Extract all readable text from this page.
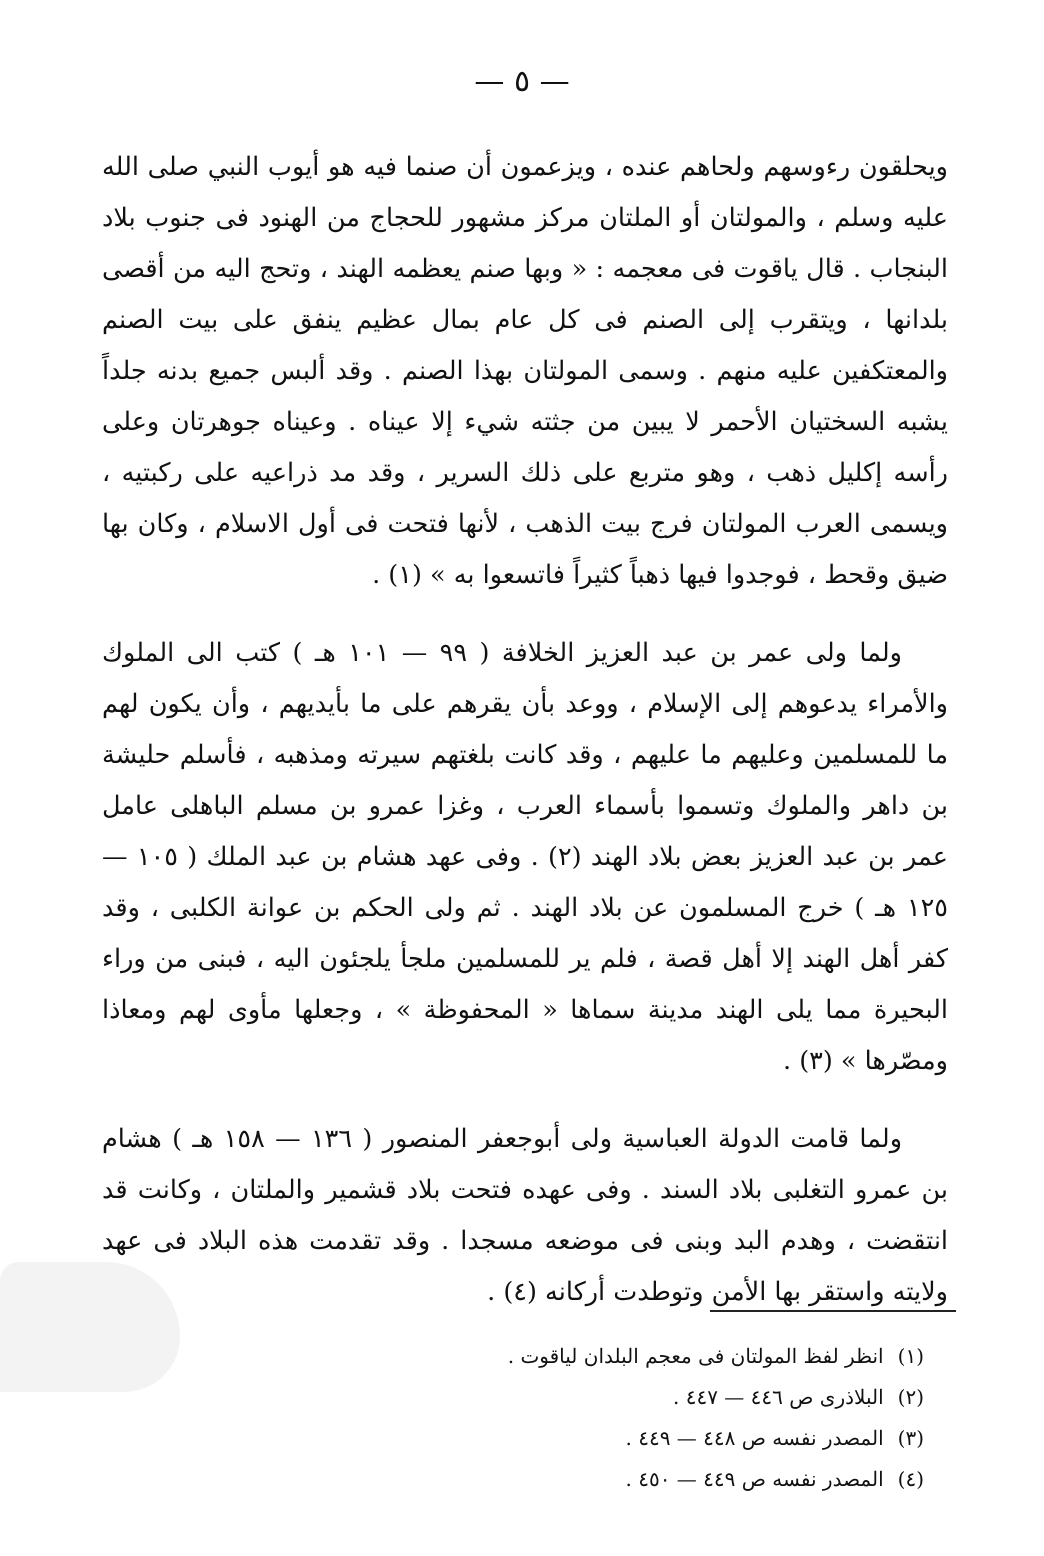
— ٥ —

ويحلقون رءوسهم ولحاهم عنده ، ويزعمون أن صنما فيه هو أيوب النبي صلى الله عليه وسلم ، والمولتان أو الملتان مركز مشهور للحجاج من الهنود فى جنوب بلاد البنجاب . قال ياقوت فى معجمه : « وبها صنم يعظمه الهند ، وتحج اليه من أقصى بلدانها ، ويتقرب إلى الصنم فى كل عام بمال عظيم ينفق على بيت الصنم والمعتكفين عليه منهم . وسمى المولتان بهذا الصنم . وقد ألبس جميع بدنه جلداً يشبه السختيان الأحمر لا يبين من جثته شيء إلا عيناه . وعيناه جوهرتان وعلى رأسه إكليل ذهب ، وهو متربع على ذلك السرير ، وقد مد ذراعيه على ركبتيه ، ويسمى العرب المولتان فرج بيت الذهب ، لأنها فتحت فى أول الاسلام ، وكان بها ضيق وقحط ، فوجدوا فيها ذهباً كثيراً فاتسعوا به » (١) .

ولما ولى عمر بن عبد العزيز الخلافة ( ٩٩ — ١٠١ هـ ) كتب الى الملوك والأمراء يدعوهم إلى الإسلام ، ووعد بأن يقرهم على ما بأيديهم ، وأن يكون لهم ما للمسلمين وعليهم ما عليهم ، وقد كانت بلغتهم سيرته ومذهبه ، فأسلم حليشة بن داهر والملوك وتسموا بأسماء العرب ، وغزا عمرو بن مسلم الباهلى عامل عمر بن عبد العزيز بعض بلاد الهند (٢) . وفى عهد هشام بن عبد الملك ( ١٠٥ — ١٢٥ هـ ) خرج المسلمون عن بلاد الهند . ثم ولى الحكم بن عوانة الكلبى ، وقد كفر أهل الهند إلا أهل قصة ، فلم ير للمسلمين ملجأ يلجئون اليه ، فبنى من وراء البحيرة مما يلى الهند مدينة سماها « المحفوظة » ، وجعلها مأوى لهم ومعاذا ومصّرها » (٣) .

ولما قامت الدولة العباسية ولى أبوجعفر المنصور ( ١٣٦ — ١٥٨ هـ ) هشام بن عمرو التغلبى بلاد السند . وفى عهده فتحت بلاد قشمير والملتان ، وكانت قد انتقضت ، وهدم البد وبنى فى موضعه مسجدا . وقد تقدمت هذه البلاد فى عهد ولايته واستقر بها الأمن وتوطدت أركانه (٤) .

(١)انظر لفظ المولتان فى معجم البلدان لياقوت .
(٢)البلاذرى ص ٤٤٦ — ٤٤٧ .
(٣)المصدر نفسه ص ٤٤٨ — ٤٤٩ .
(٤)المصدر نفسه ص ٤٤٩ — ٤٥٠ .
